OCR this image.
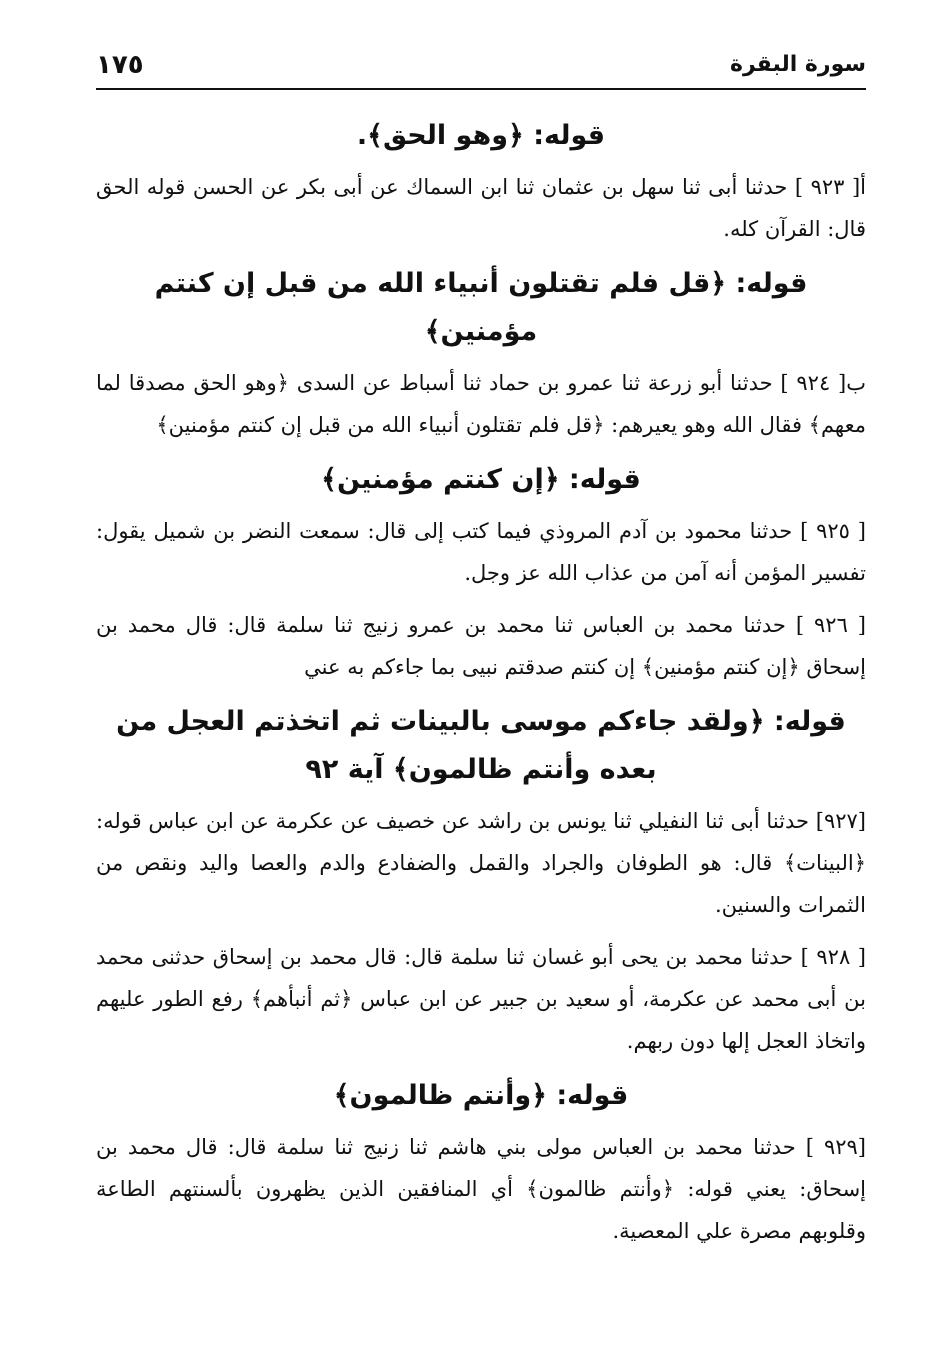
سورة البقرة
١٧٥
قوله: ﴿وهو الحق﴾.

أ[ ٩٢٣ ] حدثنا أبى ثنا سهل بن عثمان ثنا ابن السماك عن أبى بكر عن الحسن قوله الحق قال: القرآن كله.

قوله: ﴿قل فلم تقتلون أنبياء الله من قبل إن كنتم مؤمنين﴾

ب[ ٩٢٤ ] حدثنا أبو زرعة ثنا عمرو بن حماد ثنا أسباط عن السدى ﴿وهو الحق مصدقا لما معهم﴾ فقال الله وهو يعيرهم: ﴿قل فلم تقتلون أنبياء الله من قبل إن كنتم مؤمنين﴾

قوله: ﴿إن كنتم مؤمنين﴾

[ ٩٢٥ ] حدثنا محمود بن آدم المروذي فيما كتب إلى قال: سمعت النضر بن شميل يقول: تفسير المؤمن أنه آمن من عذاب الله عز وجل.

[ ٩٢٦ ] حدثنا محمد بن العباس ثنا محمد بن عمرو زنيج ثنا سلمة قال: قال محمد بن إسحاق ﴿إن كنتم مؤمنين﴾ إن كنتم صدقتم نبيى بما جاءكم به عني

قوله: ﴿ولقد جاءكم موسى بالبينات ثم اتخذتم العجل من بعده وأنتم ظالمون﴾ آية ٩٢

[٩٢٧] حدثنا أبى ثنا النفيلي ثنا يونس بن راشد عن خصيف عن عكرمة عن ابن عباس قوله: ﴿البينات﴾ قال: هو الطوفان والجراد والقمل والضفادع والدم والعصا واليد ونقص من الثمرات والسنين.

[ ٩٢٨ ] حدثنا محمد بن يحى أبو غسان ثنا سلمة قال: قال محمد بن إسحاق حدثنى محمد بن أبى محمد عن عكرمة، أو سعيد بن جبير عن ابن عباس ﴿ثم أنبأهم﴾ رفع الطور عليهم واتخاذ العجل إلها دون ربهم.

قوله: ﴿وأنتم ظالمون﴾

[٩٢٩ ] حدثنا محمد بن العباس مولى بني هاشم ثنا زنيج ثنا سلمة قال: قال محمد بن إسحاق: يعني قوله: ﴿وأنتم ظالمون﴾ أي المنافقين الذين يظهرون بألسنتهم الطاعة وقلوبهم مصرة علي المعصية.
